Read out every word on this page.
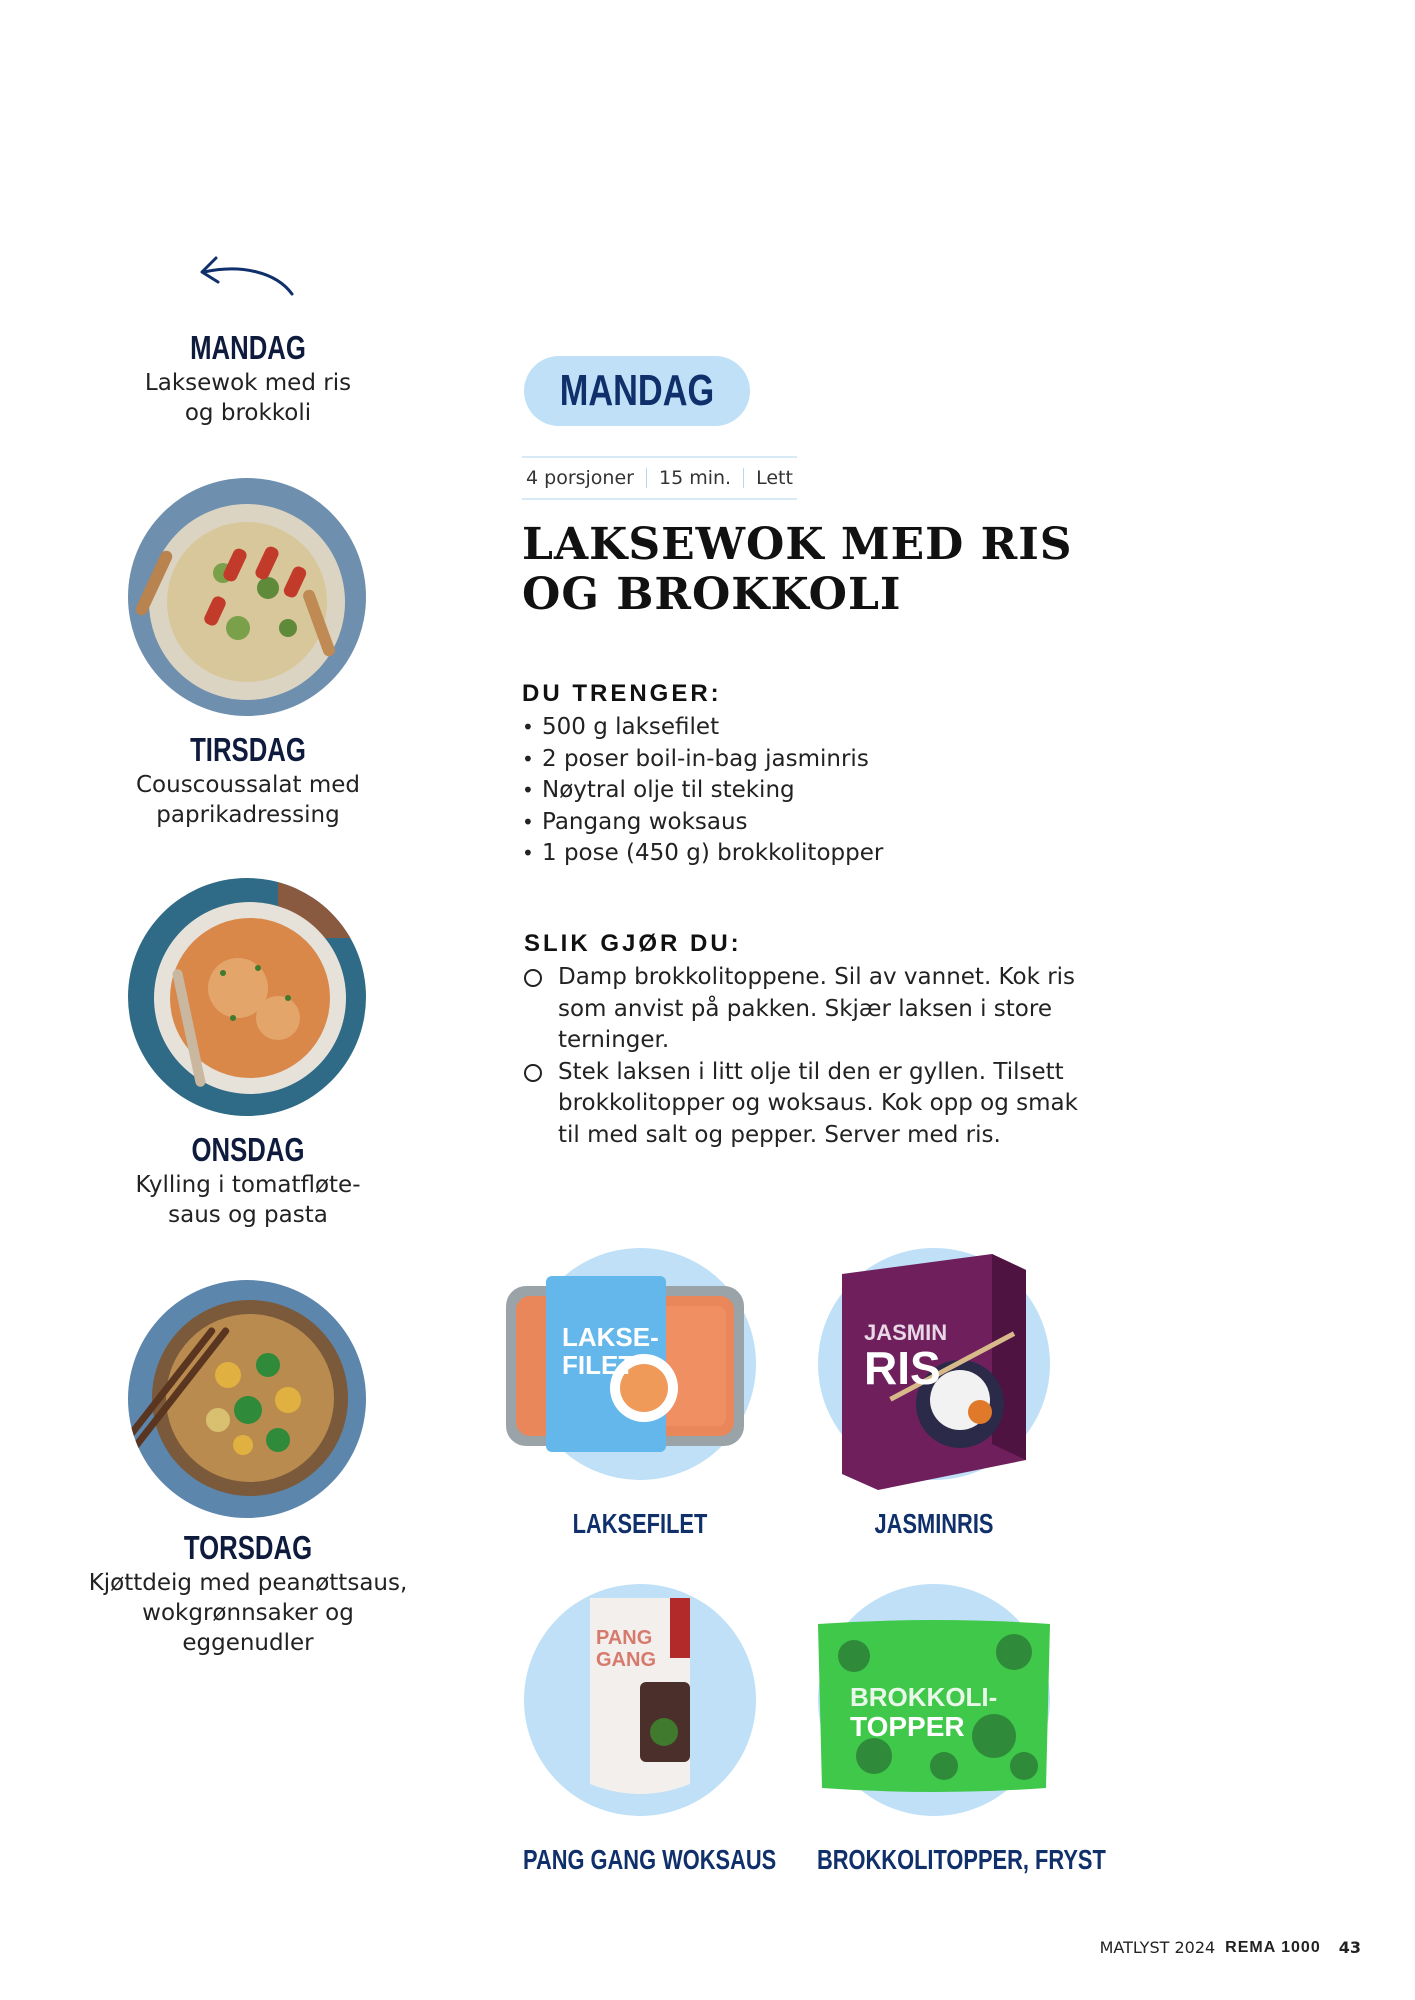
MANDAG
Laksewok med ris
og brokkoli
TIRSDAG
Couscoussalat med
paprikadressing
ONSDAG
Kylling i tomatfløte-
saus og pasta
TORSDAG
Kjøttdeig med peanøttsaus,
wokgrønnsaker og eggenudler
MANDAG
4 porsjoner 15 min. Lett
LAKSEWOK MED RIS
OG BROKKOLI
DU TRENGER:
• 500 g laksefilet
• 2 poser boil-in-bag jasminris
• Nøytral olje til steking
• Pangang woksaus
• 1 pose (450 g) brokkolitopper
SLIK GJØR DU:
Damp brokkolitoppene. Sil av vannet. Kok ris som anvist på pakken. Skjær laksen i store terninger.
Stek laksen i litt olje til den er gyllen. Tilsett brokkolitopper og woksaus. Kok opp og smak til med salt og pepper. Server med ris.
LAKSE-
FILET
LAKSEFILET
JASMIN
RIS
JASMINRIS
PANG
GANG
PANG GANG WOKSAUS
BROKKOLI-
TOPPER
BROKKOLITOPPER, FRYST
MATLYST 2024 REMA 1000 43
